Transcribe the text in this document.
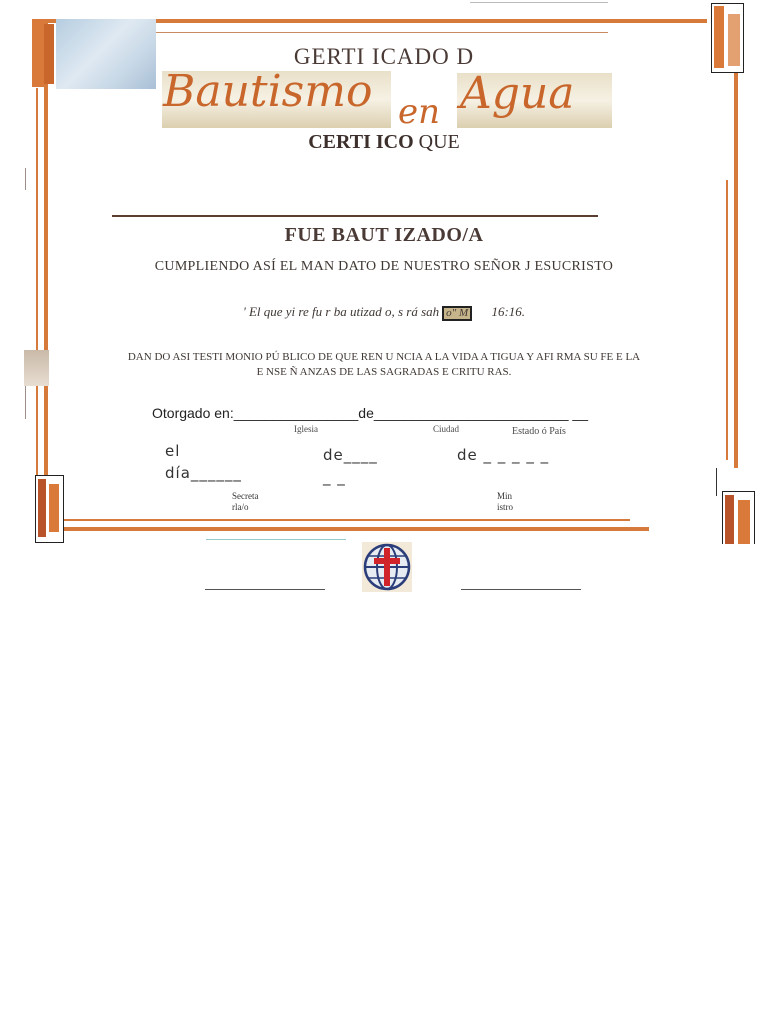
GERTI ICADO D
Bautismo en Agua
CERTI ICO QUE
FUE BAUT IZADO/A
CUMPLIENDO ASÍ EL MAN DATO DE NUESTRO SEÑOR J ESUCRISTO
' El que yi re fu r ba utizad o, s rá sah o" M 16:16.
DAN DO ASI TESTI MONIO PÚ BLICO DE QUE REN U NCIA A LA VIDA A TIGUA Y AFI RMA SU FE E LA
E NSE Ñ ANZAS DE LAS SAGRADAS E CRITU RAS.
Otorgado en:________________de_________________________ __
Iglesia	Ciudad	Estado ó País
el
día______
de____	de _ _ _ _ _
_ _
Secreta
rla/o
Min
istro
